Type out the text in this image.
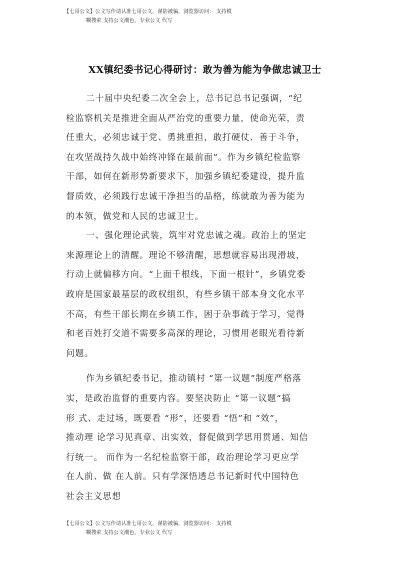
【七哥公文】公文写作请认准七哥公文，谨防被骗，浏览器访问： 支持模
糊搜索 支持公文潮色，专业公文 代写
XX镇纪委书记心得研讨：敢为善为能为争做忠诚卫士
二十届中央纪委二次全会上，总书记总书记强调，“纪
检监察机关是推进全面从严治党的重要力量，使命光荣，责
任重大，必须忠诚于党、勇挑重担，敢打硬仗、善于斗争，
在攻坚战持久战中始终冲锋在最前面”。作为乡镇纪检监察
干部，如何在新形势新要求下，加强乡镇纪委建设，提升监
督质效，必须践行忠诚干净担当的品格，练就敢为善为能为
的本领，做党和人民的忠诚卫士。
一、强化理论武装，筑牢对党忠诚之魂。政治上的坚定
来源理论上的清醒。理论不够清醒，思想就容易出现滑坡，
行动上就偏移方向。“上面千根线，下面一根针”，乡镇党委
政府是国家最基层的政权组织，有些乡镇干部本身文化水平
不高，有些干部长期在乡镇工作，困于杂事疏于学习，觉得
和老百姓打交道不需要多高深的理论，习惯用老眼光看待新
问题。
作为乡镇纪委书记，推动镇村 “第一议题”制度严格落
实，是政治监督的重要内容。要坚决防止 “第一议题”搞
形 式、走过场，既要看 “形”，还要看 “悟”和 “效”，
推动理 论学习见真章、出实效，督促做到学思用贯通、知信
行统一。 而作为一名纪检监察干部，政治理论学习更应学
在人前、做 在人前。只有学深悟透总书记新时代中国特色
社会主义思想
【七哥公文】公文写作请认准七哥公文，谨防被骗，浏览器访问： 支持模
糊搜索 支持公文潮色，专业公文 代写
